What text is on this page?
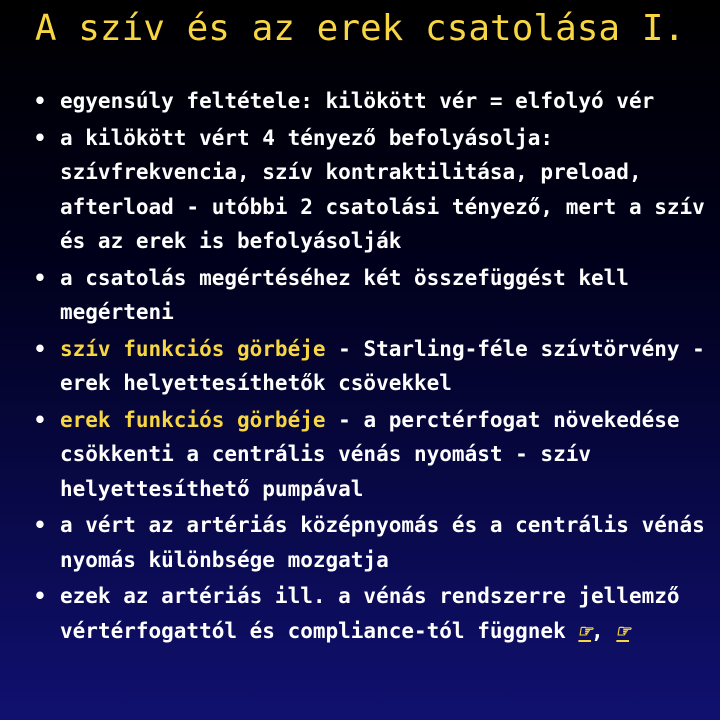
A szív és az erek csatolása I.
• egyensúly feltétele: kilökött vér = elfolyó vér
• a kilökött vért 4 tényező befolyásolja: szívfrekvencia, szív kontraktilitása, preload, afterload - utóbbi 2 csatolási tényező, mert a szív és az erek is befolyásolják
• a csatolás megértéséhez két összefüggést kell megérteni
• szív funkciós görbéje - Starling-féle szívtörvény - erek helyettesíthetők csövekkel
• erek funkciós görbéje - a perctérfogat növekedése csökkenti a centrális vénás nyomást - szív helyettesíthető pumpával
• a vért az artériás középnyomás és a centrális vénás nyomás különbsége mozgatja
• ezek az artériás ill. a vénás rendszerre jellemző vértérfogattól és compliance-tól függnek ☞, ☞
